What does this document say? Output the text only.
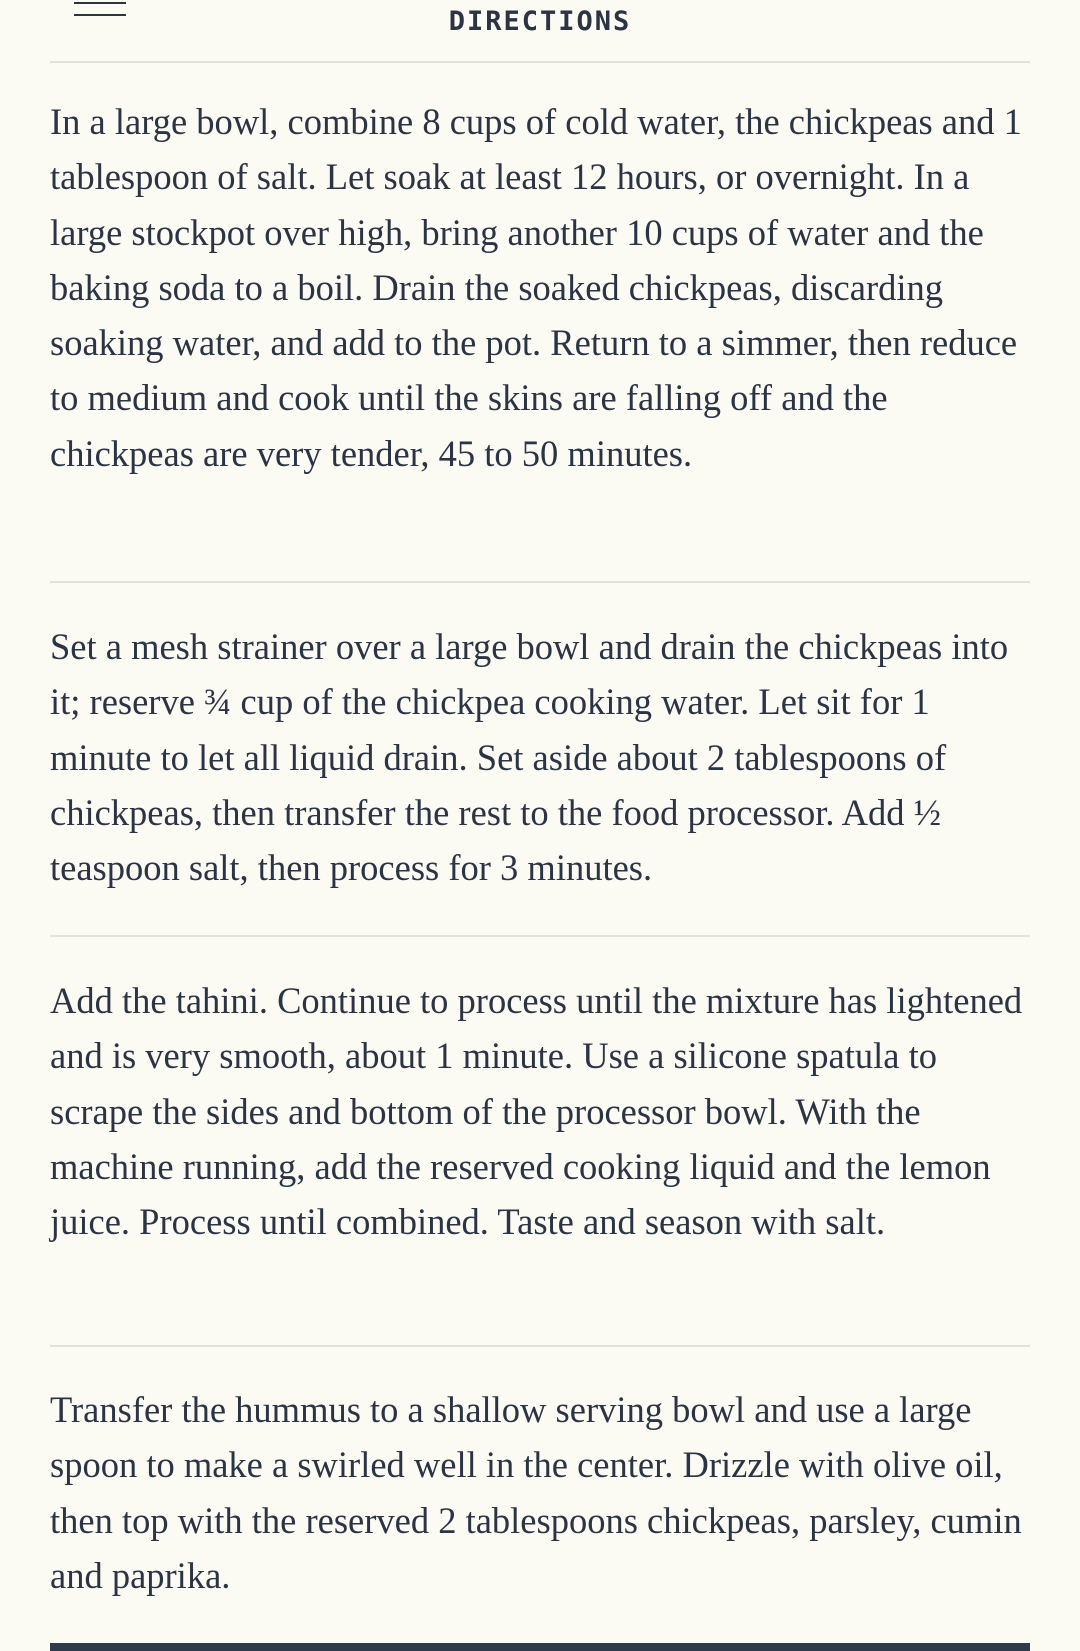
DIRECTIONS

In a large bowl, combine 8 cups of cold water, the chickpeas and 1 tablespoon of salt. Let soak at least 12 hours, or overnight. In a large stockpot over high, bring another 10 cups of water and the baking soda to a boil. Drain the soaked chickpeas, discarding soaking water, and add to the pot. Return to a simmer, then reduce to medium and cook until the skins are falling off and the chickpeas are very tender, 45 to 50 minutes.

Set a mesh strainer over a large bowl and drain the chickpeas into it; reserve ¾ cup of the chickpea cooking water. Let sit for 1 minute to let all liquid drain. Set aside about 2 tablespoons of chickpeas, then transfer the rest to the food processor. Add ½ teaspoon salt, then process for 3 minutes.

Add the tahini. Continue to process until the mixture has lightened and is very smooth, about 1 minute. Use a silicone spatula to scrape the sides and bottom of the processor bowl. With the machine running, add the reserved cooking liquid and the lemon juice. Process until combined. Taste and season with salt.

Transfer the hummus to a shallow serving bowl and use a large spoon to make a swirled well in the center. Drizzle with olive oil, then top with the reserved 2 tablespoons chickpeas, parsley, cumin and paprika.
